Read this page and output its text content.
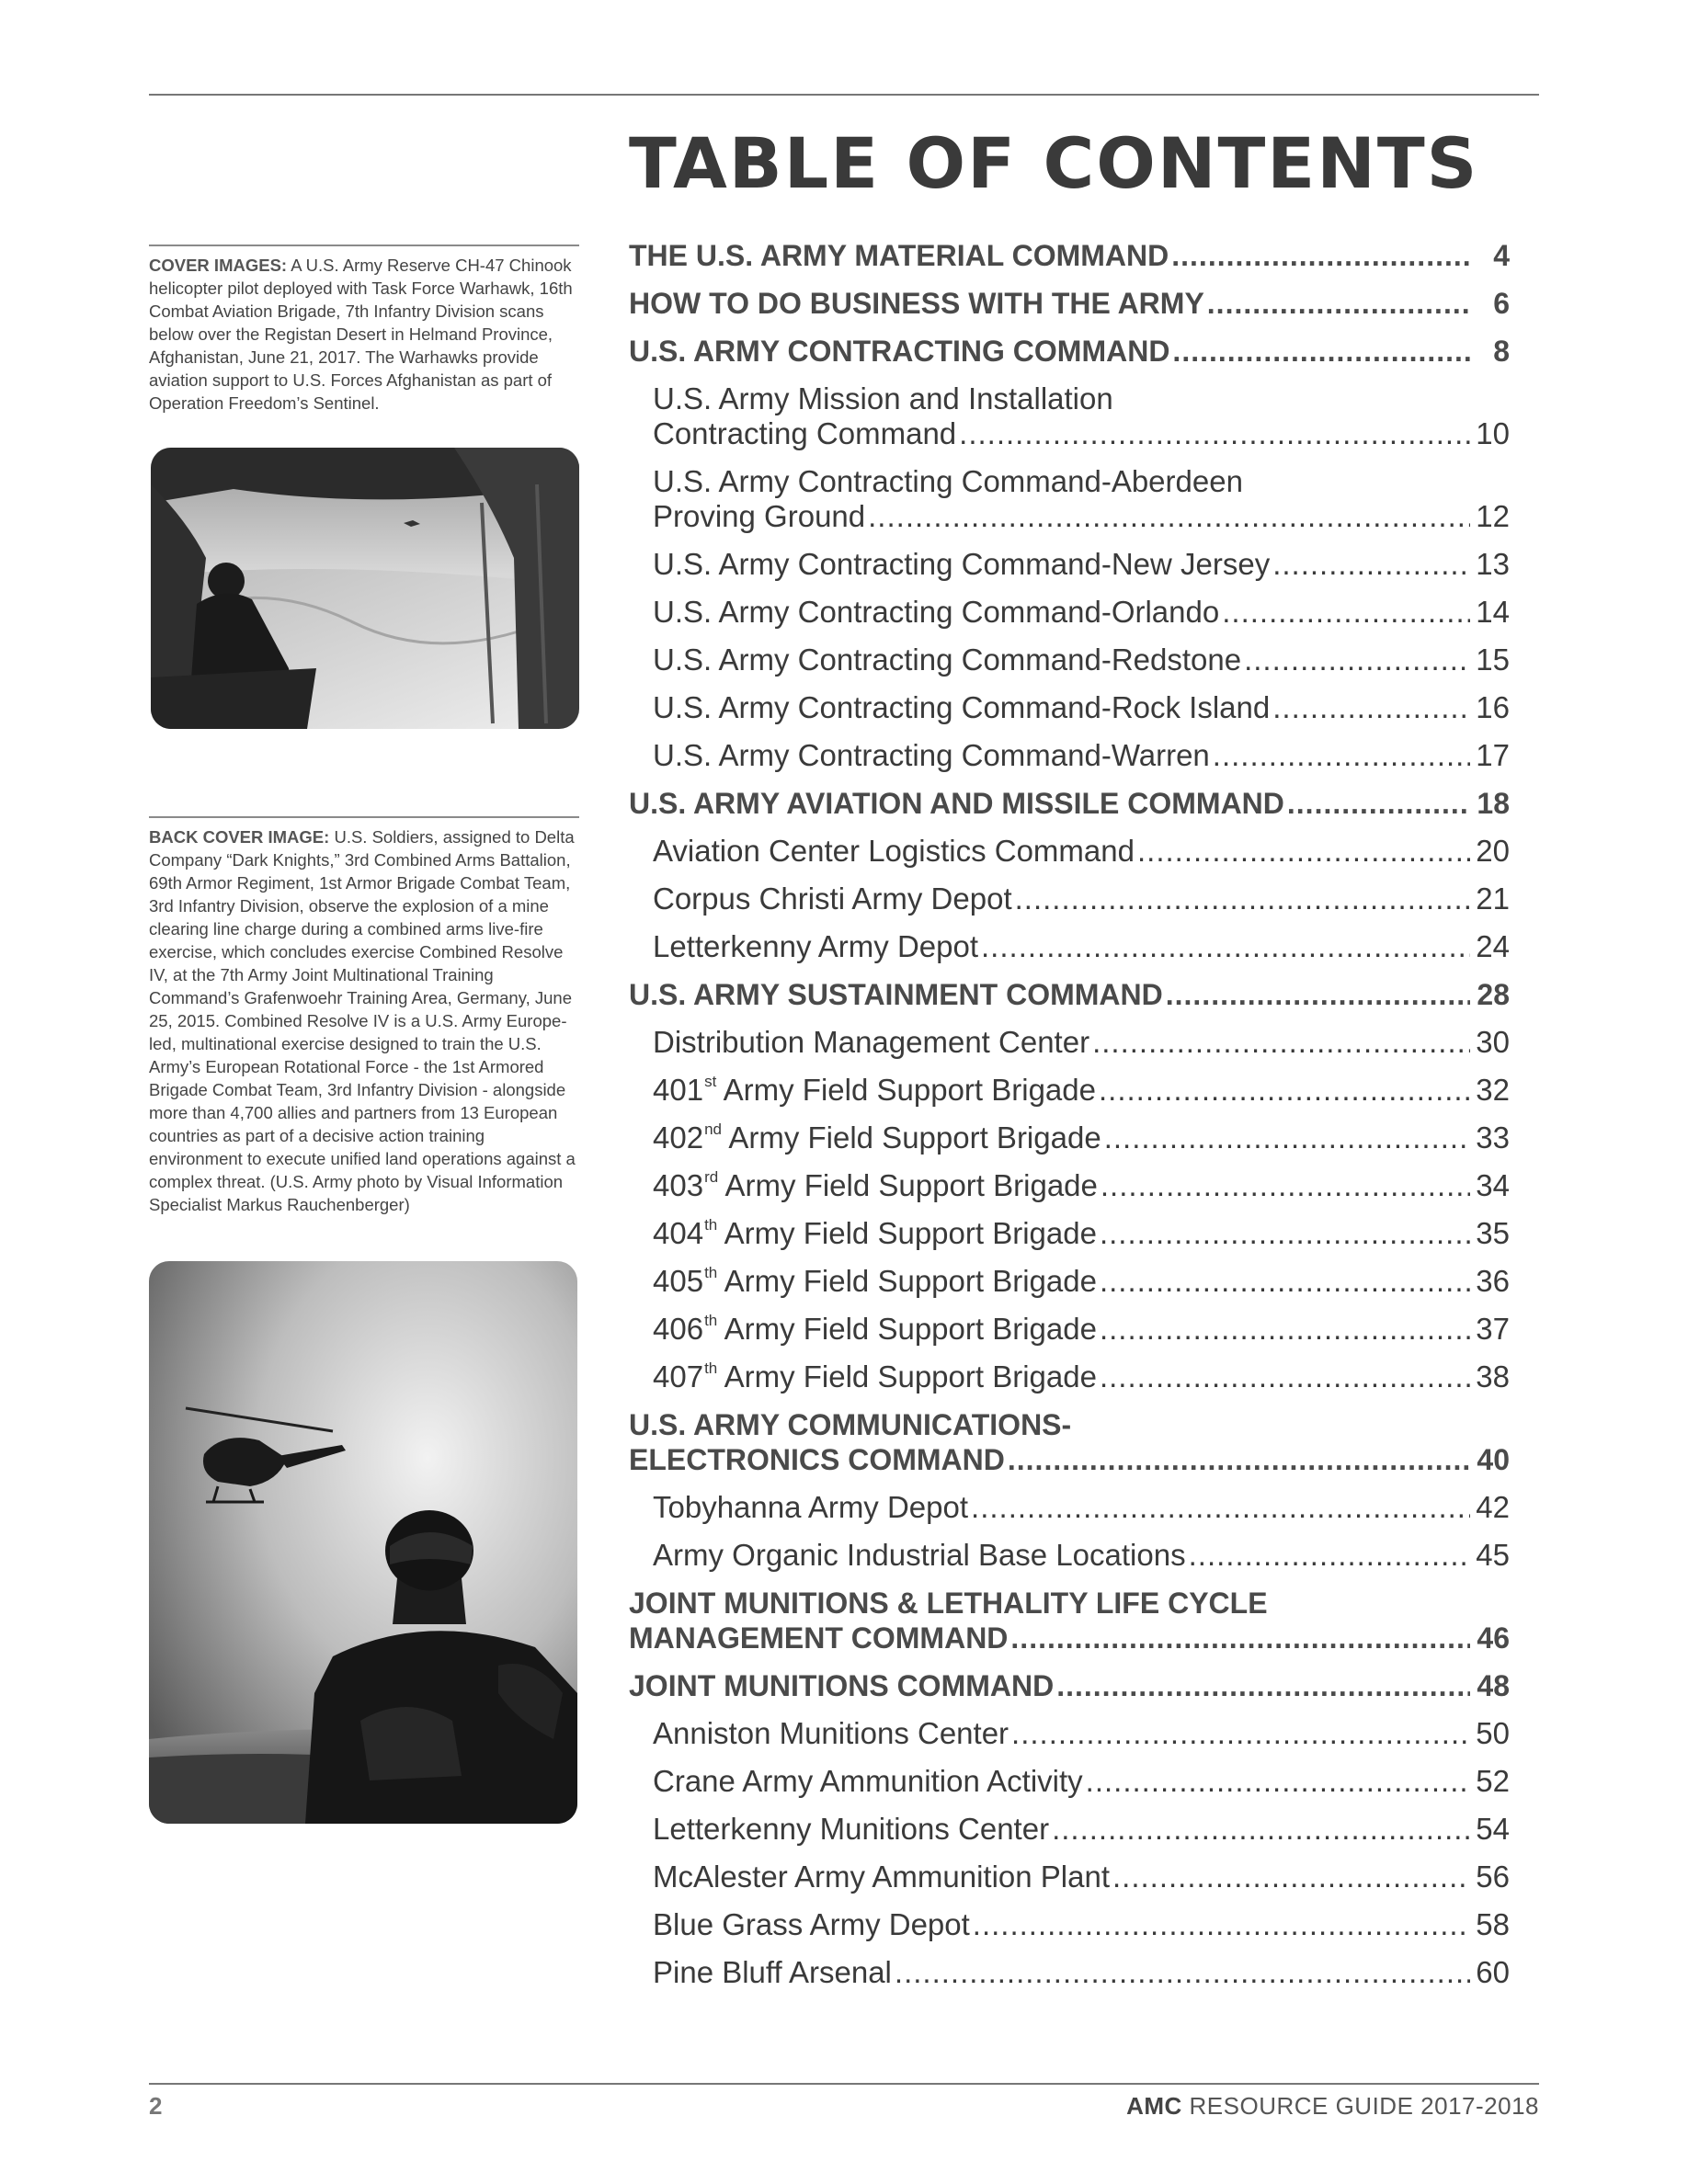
TABLE OF CONTENTS
COVER IMAGES: A U.S. Army Reserve CH-47 Chinook helicopter pilot deployed with Task Force Warhawk, 16th Combat Aviation Brigade, 7th Infantry Division scans below over the Registan Desert in Helmand Province, Afghanistan, June 21, 2017. The Warhawks provide aviation support to U.S. Forces Afghanistan as part of Operation Freedom’s Sentinel.
BACK COVER IMAGE: U.S. Soldiers, assigned to Delta Company “Dark Knights,” 3rd Combined Arms Battalion, 69th Armor Regiment, 1st Armor Brigade Combat Team, 3rd Infantry Division, observe the explosion of a mine clearing line charge during a combined arms live-fire exercise, which concludes exercise Combined Resolve IV, at the 7th Army Joint Multinational Training Command’s Grafenwoehr Training Area, Germany, June 25, 2015. Combined Resolve IV is a U.S. Army Europe-led, multinational exercise designed to train the U.S. Army’s European Rotational Force - the 1st Armored Brigade Combat Team, 3rd Infantry Division - alongside more than 4,700 allies and partners from 13 European countries as part of a decisive action training environment to execute unified land operations against a complex threat. (U.S. Army photo by Visual Information Specialist Markus Rauchenberger)
THE U.S. ARMY MATERIAL COMMAND .....	4
HOW TO DO BUSINESS WITH THE ARMY .....	6
U.S. ARMY CONTRACTING COMMAND .....	8
U.S. Army Mission and Installation
Contracting Command .....	10
U.S. Army Contracting Command-Aberdeen
Proving Ground .....	12
U.S. Army Contracting Command-New Jersey .....	13
U.S. Army Contracting Command-Orlando .....	14
U.S. Army Contracting Command-Redstone .....	15
U.S. Army Contracting Command-Rock Island .....	16
U.S. Army Contracting Command-Warren .....	17
U.S. ARMY AVIATION AND MISSILE COMMAND .....	18
Aviation Center Logistics Command .....	20
Corpus Christi Army Depot .....	21
Letterkenny Army Depot .....	24
U.S. ARMY SUSTAINMENT COMMAND .....	28
Distribution Management Center .....	30
401st Army Field Support Brigade .....	32
402nd Army Field Support Brigade .....	33
403rd Army Field Support Brigade .....	34
404th Army Field Support Brigade .....	35
405th Army Field Support Brigade .....	36
406th Army Field Support Brigade .....	37
407th Army Field Support Brigade .....	38
U.S. ARMY COMMUNICATIONS-
ELECTRONICS COMMAND .....	40
Tobyhanna Army Depot .....	42
Army Organic Industrial Base Locations .....	45
JOINT MUNITIONS & LETHALITY LIFE CYCLE
MANAGEMENT COMMAND .....	46
JOINT MUNITIONS COMMAND .....	48
Anniston Munitions Center .....	50
Crane Army Ammunition Activity .....	52
Letterkenny Munitions Center .....	54
McAlester Army Ammunition Plant .....	56
Blue Grass Army Depot .....	58
Pine Bluff Arsenal .....	60
2	AMC RESOURCE GUIDE 2017-2018
